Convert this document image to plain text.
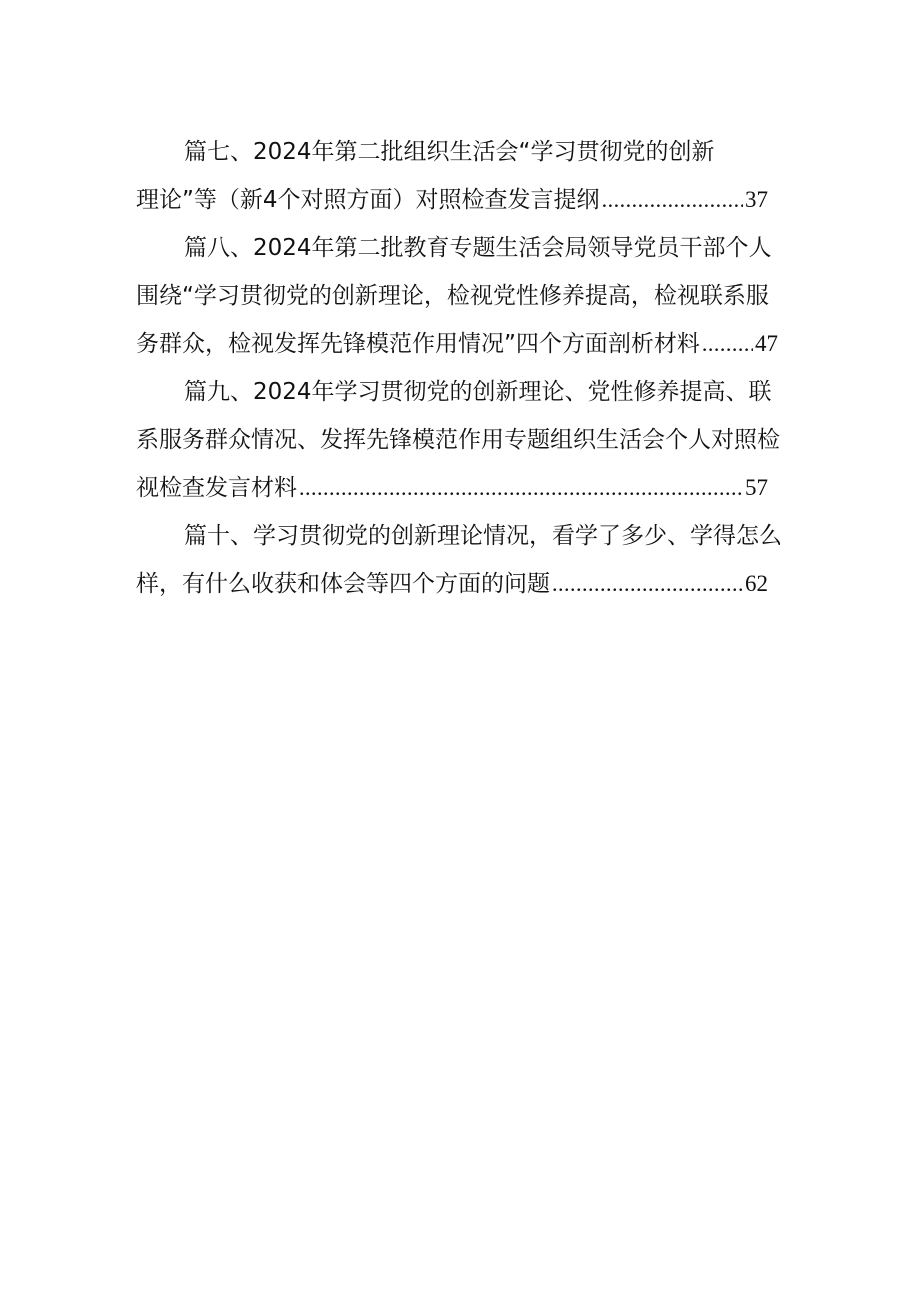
篇七、2024年第二批组织生活会“学习贯彻党的创新
理论”等（新4个对照方面）对照检查发言提纲 .....	37
篇八、2024年第二批教育专题生活会局领导党员干部个人
围绕“学习贯彻党的创新理论，检视党性修养提高，检视联系服
务群众，检视发挥先锋模范作用情况”四个方面剖析材料 ..... 47
篇九、2024年学习贯彻党的创新理论、党性修养提高、联
系服务群众情况、发挥先锋模范作用专题组织生活会个人对照检
视检查发言材料 .....	57
篇十、学习贯彻党的创新理论情况，看学了多少、学得怎么
样，有什么收获和体会等四个方面的问题 .....	62
